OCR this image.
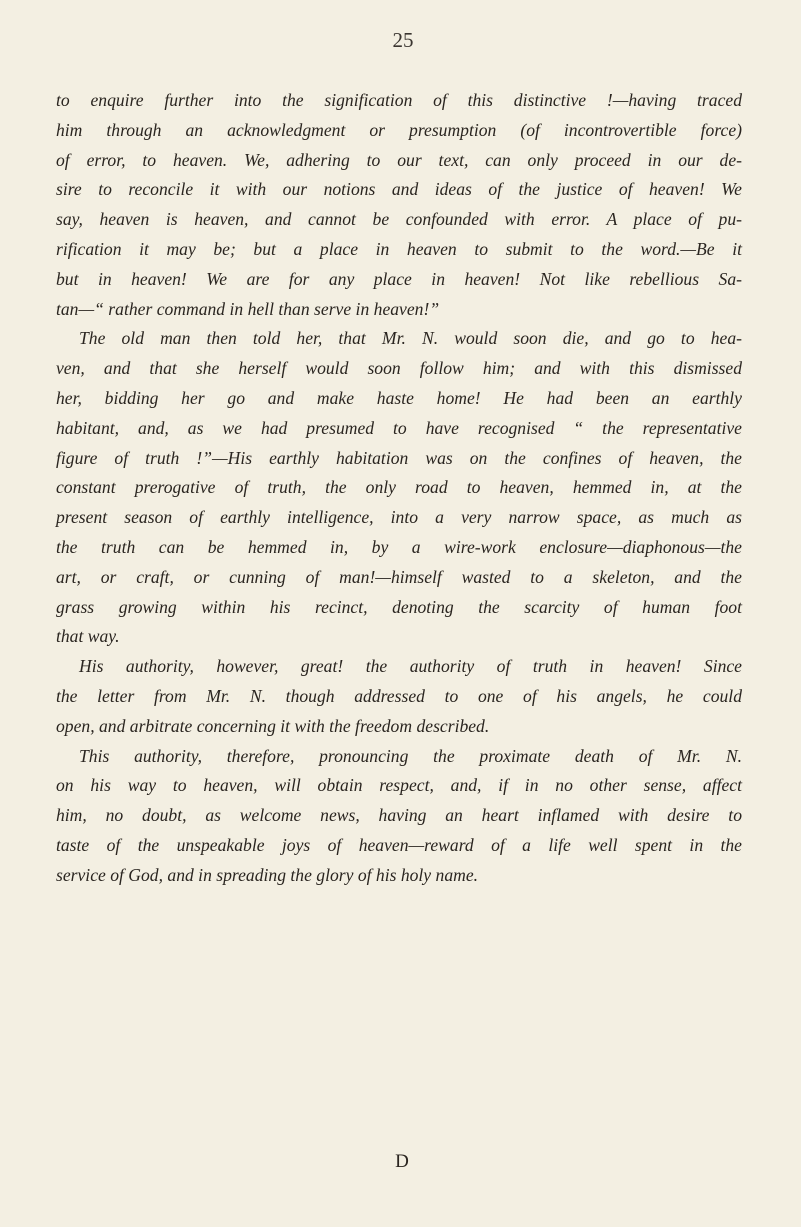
25
to enquire further into the signification of this distinctive !—having traced
him through an acknowledgment or presumption (of incontrovertible force)
of error, to heaven. We, adhering to our text, can only proceed in our de-
sire to reconcile it with our notions and ideas of the justice of heaven! We
say, heaven is heaven, and cannot be confounded with error. A place of pu-
rification it may be; but a place in heaven to submit to the word.—Be it
but in heaven! We are for any place in heaven! Not like rebellious Sa-
tan—“ rather command in hell than serve in heaven!”
The old man then told her, that Mr. N. would soon die, and go to hea-
ven, and that she herself would soon follow him; and with this dismissed
her, bidding her go and make haste home! He had been an earthly
habitant, and, as we had presumed to have recognised “ the representative
figure of truth !”—His earthly habitation was on the confines of heaven, the
constant prerogative of truth, the only road to heaven, hemmed in, at the
present season of earthly intelligence, into a very narrow space, as much as
the truth can be hemmed in, by a wire-work enclosure—diaphonous—the
art, or craft, or cunning of man!—himself wasted to a skeleton, and the
grass growing within his recinct, denoting the scarcity of human foot
that way.
His authority, however, great! the authority of truth in heaven! Since
the letter from Mr. N. though addressed to one of his angels, he could
open, and arbitrate concerning it with the freedom described.
This authority, therefore, pronouncing the proximate death of Mr. N.
on his way to heaven, will obtain respect, and, if in no other sense, affect
him, no doubt, as welcome news, having an heart inflamed with desire to
taste of the unspeakable joys of heaven—reward of a life well spent in the
service of God, and in spreading the glory of his holy name.
D
